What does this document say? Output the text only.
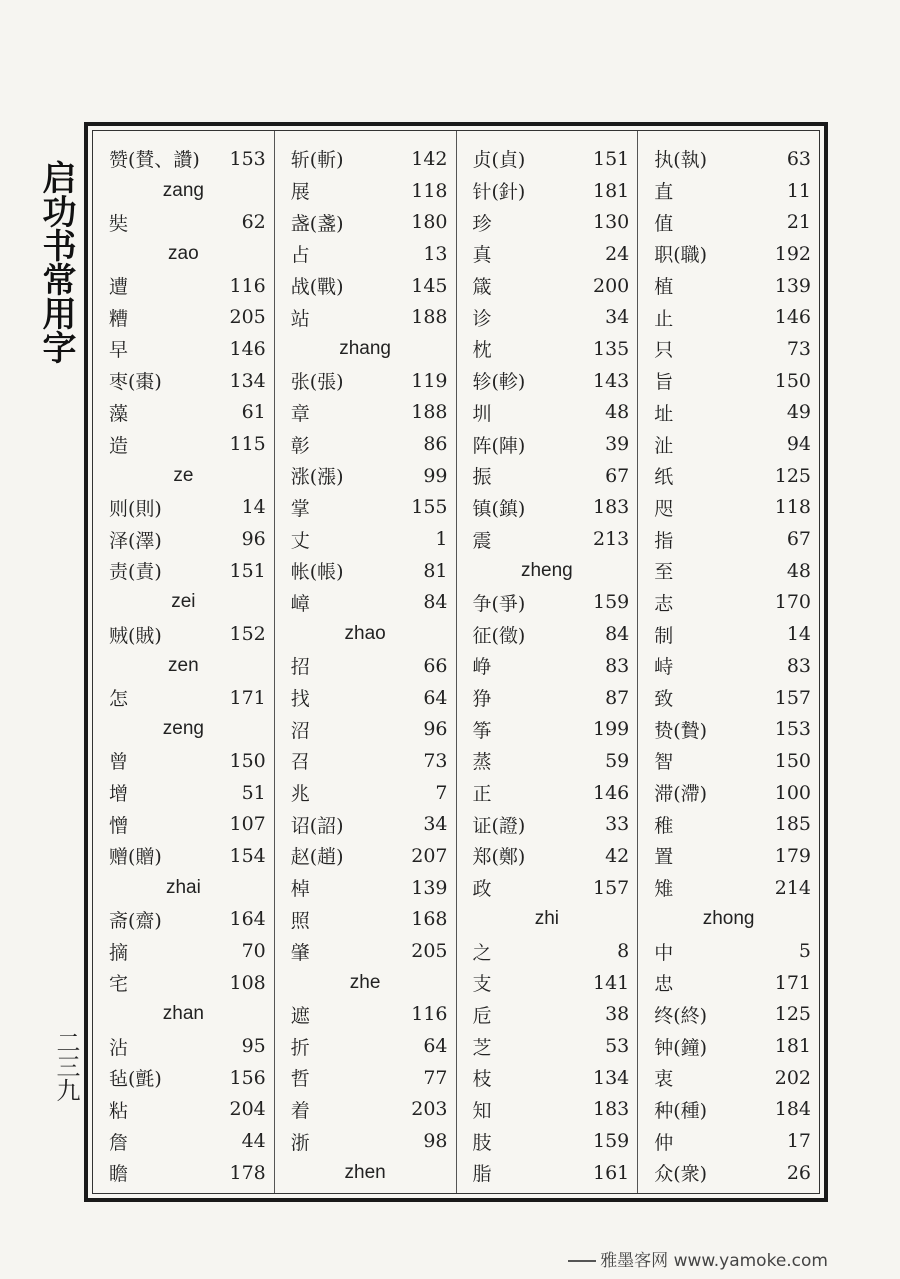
启功书常用字 赞(賛、讚)	153
zang
奘	62
zao
遭	116
糟	205
早	146
枣(棗)	134
藻	61
造	115
ze
则(則)	14
泽(澤)	96
责(責)	151
zei
贼(賊)	152
zen
怎	171
zeng
曾	150
增	51
憎	107
赠(贈)	154
zhai
斋(齋)	164
摘	70
宅	108
zhan
沾	95
毡(氈)	156
粘	204
詹	44
瞻	178
斩(斬)	142
展	118
盏(盞)	180
占	13
战(戰)	145
站	188
zhang
张(張)	119
章	188
彰	86
涨(漲)	99
掌	155
丈	1
帐(帳)	81
嶂	84
zhao
招	66
找	64
沼	96
召	73
兆	7
诏(詔)	34
赵(趙)	207
棹	139
照	168
肇	205
zhe
遮	116
折	64
哲	77
着	203
浙	98
zhen
贞(貞)	151
针(針)	181
珍	130
真	24
箴	200
诊	34
枕	135
轸(軫)	143
圳	48
阵(陣)	39
振	67
镇(鎮)	183
震	213
zheng
争(爭)	159
征(徵)	84
峥	83
狰	87
筝	199
蒸	59
正	146
证(證)	33
郑(鄭)	42
政	157
zhi
之	8
支	141
卮	38
芝	53
枝	134
知	183
肢	159
脂	161
执(執)	63
直	11
值	21
职(職)	192
植	139
止	146
只	73
旨	150
址	49
沚	94
纸	125
咫	118
指	67
至	48
志	170
制	14
峙	83
致	157
贽(贄)	153
智	150
滞(滯)	100
稚	185
置	179
雉	214
zhong
中	5
忠	171
终(終)	125
钟(鐘)	181
衷	202
种(種)	184
仲	17
众(衆)	26
二三九
雅墨客网 www.yamoke.com
